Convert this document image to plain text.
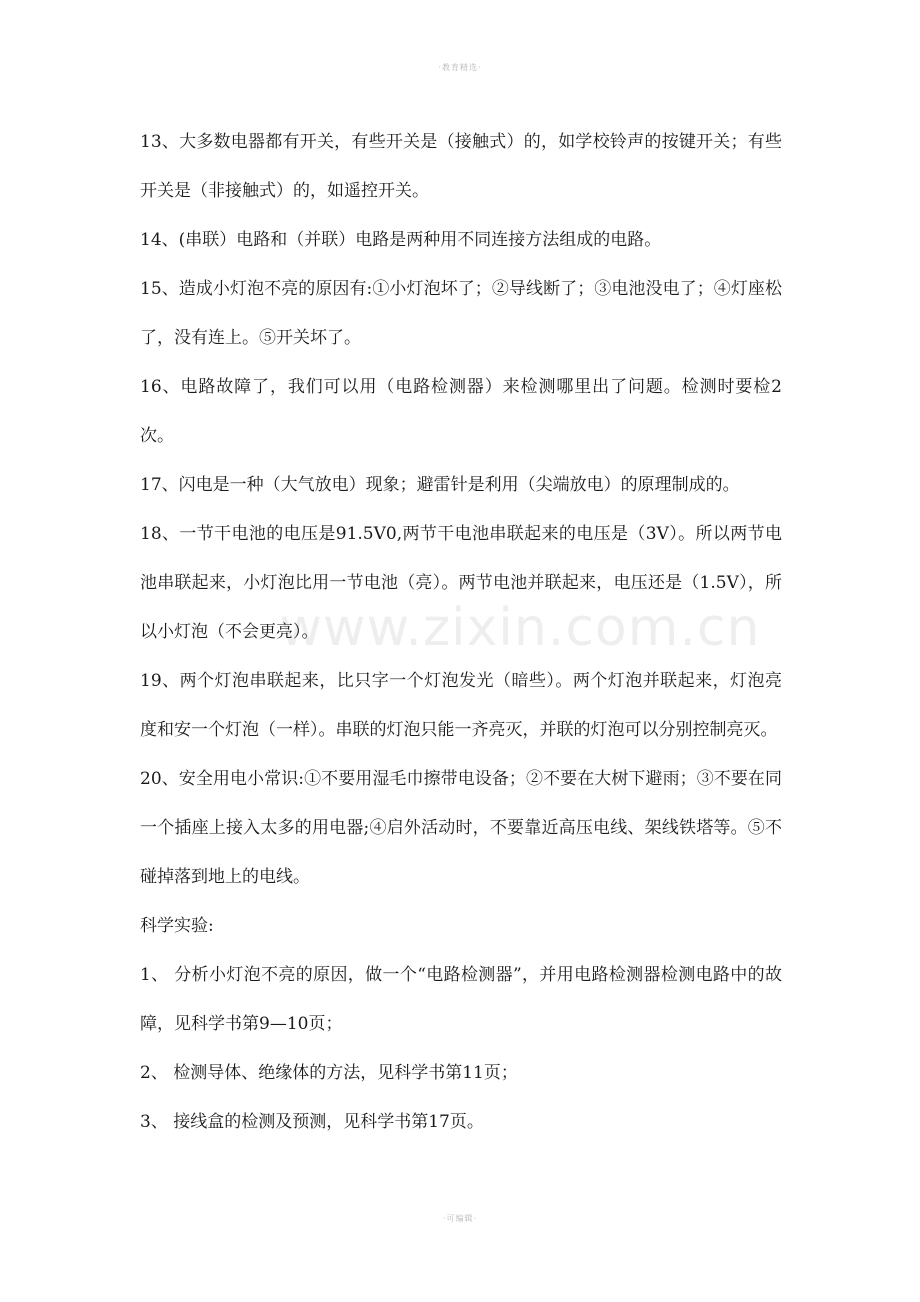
·教育精选·
www.zixin.com.cn

13、大多数电器都有开关，有些开关是（接触式）的，如学校铃声的按键开关；有些开关是（非接触式）的，如遥控开关。

14、(串联）电路和（并联）电路是两种用不同连接方法组成的电路。

15、造成小灯泡不亮的原因有:①小灯泡坏了；②导线断了；③电池没电了；④灯座松了，没有连上。⑤开关坏了。

16、电路故障了，我们可以用（电路检测器）来检测哪里出了问题。检测时要检2次。

17、闪电是一种（大气放电）现象；避雷针是利用（尖端放电）的原理制成的。

18、一节干电池的电压是91.5V0,两节干电池串联起来的电压是（3V）。所以两节电池串联起来，小灯泡比用一节电池（亮）。两节电池并联起来，电压还是（1.5V），所以小灯泡（不会更亮）。

19、两个灯泡串联起来，比只字一个灯泡发光（暗些）。两个灯泡并联起来，灯泡亮度和安一个灯泡（一样）。串联的灯泡只能一齐亮灭，并联的灯泡可以分别控制亮灭。

20、安全用电小常识:①不要用湿毛巾擦带电设备；②不要在大树下避雨；③不要在同一个插座上接入太多的用电器;④启外活动时，不要靠近高压电线、架线铁塔等。⑤不碰掉落到地上的电线。

科学实验:

1、 分析小灯泡不亮的原因，做一个“电路检测器”，并用电路检测器检测电路中的故障，见科学书第9—10页；

2、 检测导体、绝缘体的方法，见科学书第11页；

3、 接线盒的检测及预测，见科学书第17页。

·可编辑·
